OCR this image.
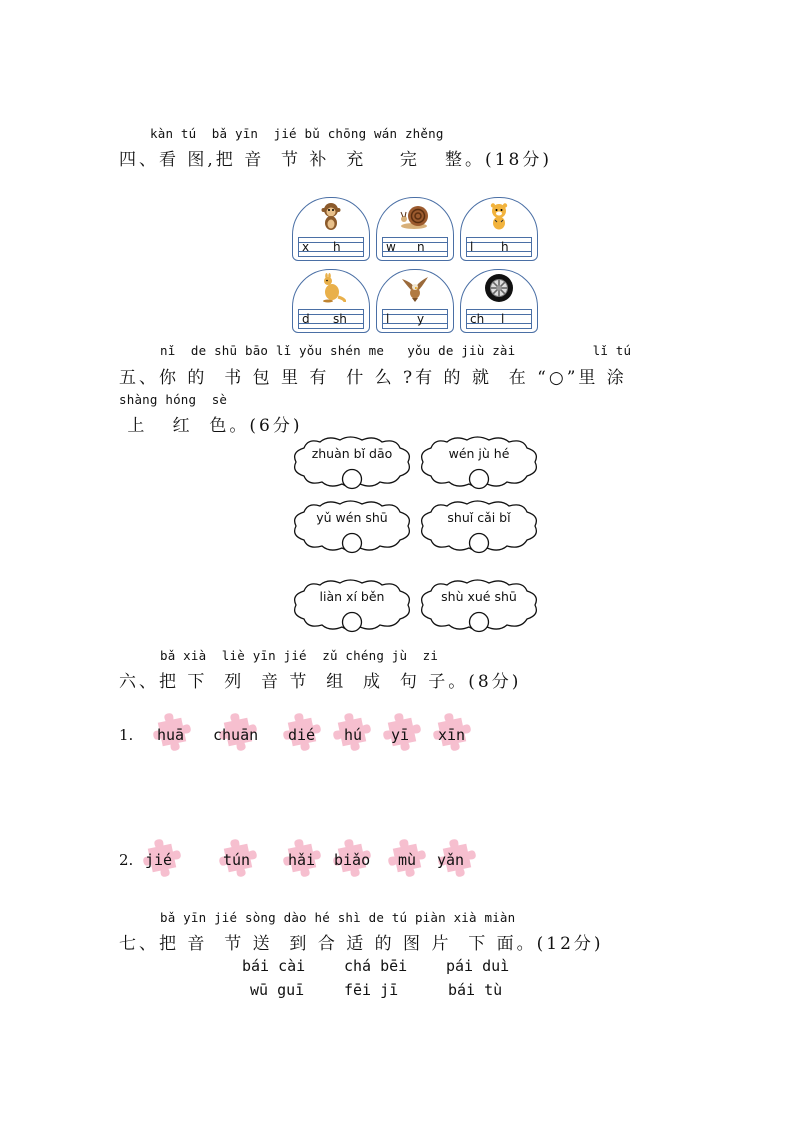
kàn tú  bǎ yīn  jié bǔ chōng wán zhěng
四、看 图,把 音  节 补  充    完   整。(18分)
x h	w n	l h
d sh	l y	ch l
nǐ  de shū bāo lǐ yǒu shén me   yǒu de jiù zài          lǐ tú
五、你 的  书 包 里 有  什 么 ?有 的 就  在 “○”里 涂
shàng hóng  sè
上   红  色。(6分)
zhuàn bǐ dāo	wén jù hé
yǔ wén shū	shuǐ cǎi bǐ
liàn xí běn	shù xué shū
bǎ xià  liè yīn jié  zǔ chéng jù  zi
六、把 下  列  音 节  组  成  句 子。(8分)
1.
2.
huā chuān dié hú yī xīn
jié	tún	hǎi biǎo mù yǎn
bǎ yīn jié sòng dào hé shì de tú piàn xià miàn
七、把 音  节 送  到 合 适 的 图 片  下 面。(12分)
bái cài	chá bēi	pái duì
wū guī	fēi jī	bái tù
